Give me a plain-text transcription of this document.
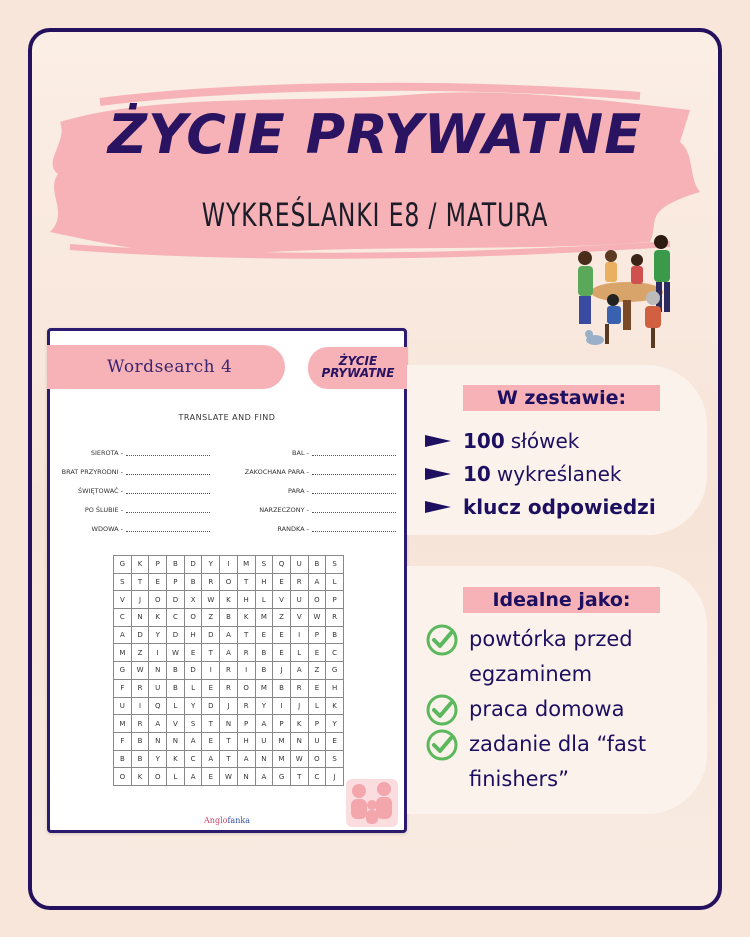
ŻYCIE PRYWATNE
WYKREŚLANKI E8 / MATURA
Wordsearch 4	ŻYCIE
PRYWATNE
TRANSLATE AND FIND
SIEROTA -
BRAT PRZYRODNI -
ŚWIĘTOWAĆ -
PO ŚLUBIE -
WDOWA -
BAL -
ZAKOCHANA PARA -
PARA -
NARZECZONY -
RANDKA -
G	K	P	B	D	Y	I	M	S	Q	U	B	S
S	T	E	P	B	R	O	T	H	E	R	A	L
V	J	O	D	X	W	K	H	L	V	U	O	P
C	N	K	C	O	Z	B	K	M	Z	V	W	R
A	D	Y	D	H	D	A	T	E	E	I	P	B
M	Z	I	W	E	T	A	R	B	E	L	E	C
G	W	N	B	D	I	R	I	B	J	A	Z	G
F	R	U	B	L	E	R	O	M	B	R	E	H
U	I	Q	L	Y	D	J	R	Y	I	J	L	K
M	R	A	V	S	T	N	P	A	P	K	P	Y
F	B	N	N	A	E	T	H	U	M	N	U	E
B	B	Y	K	C	A	T	A	N	M	W	O	S
O	K	O	L	A	E	W	N	A	G	T	C	J
Anglofanka
W zestawie:
100 słówek
10 wykreślanek
klucz odpowiedzi
Idealne jako:
powtórka przed
egzaminem
praca domowa
zadanie dla “fast
finishers”
